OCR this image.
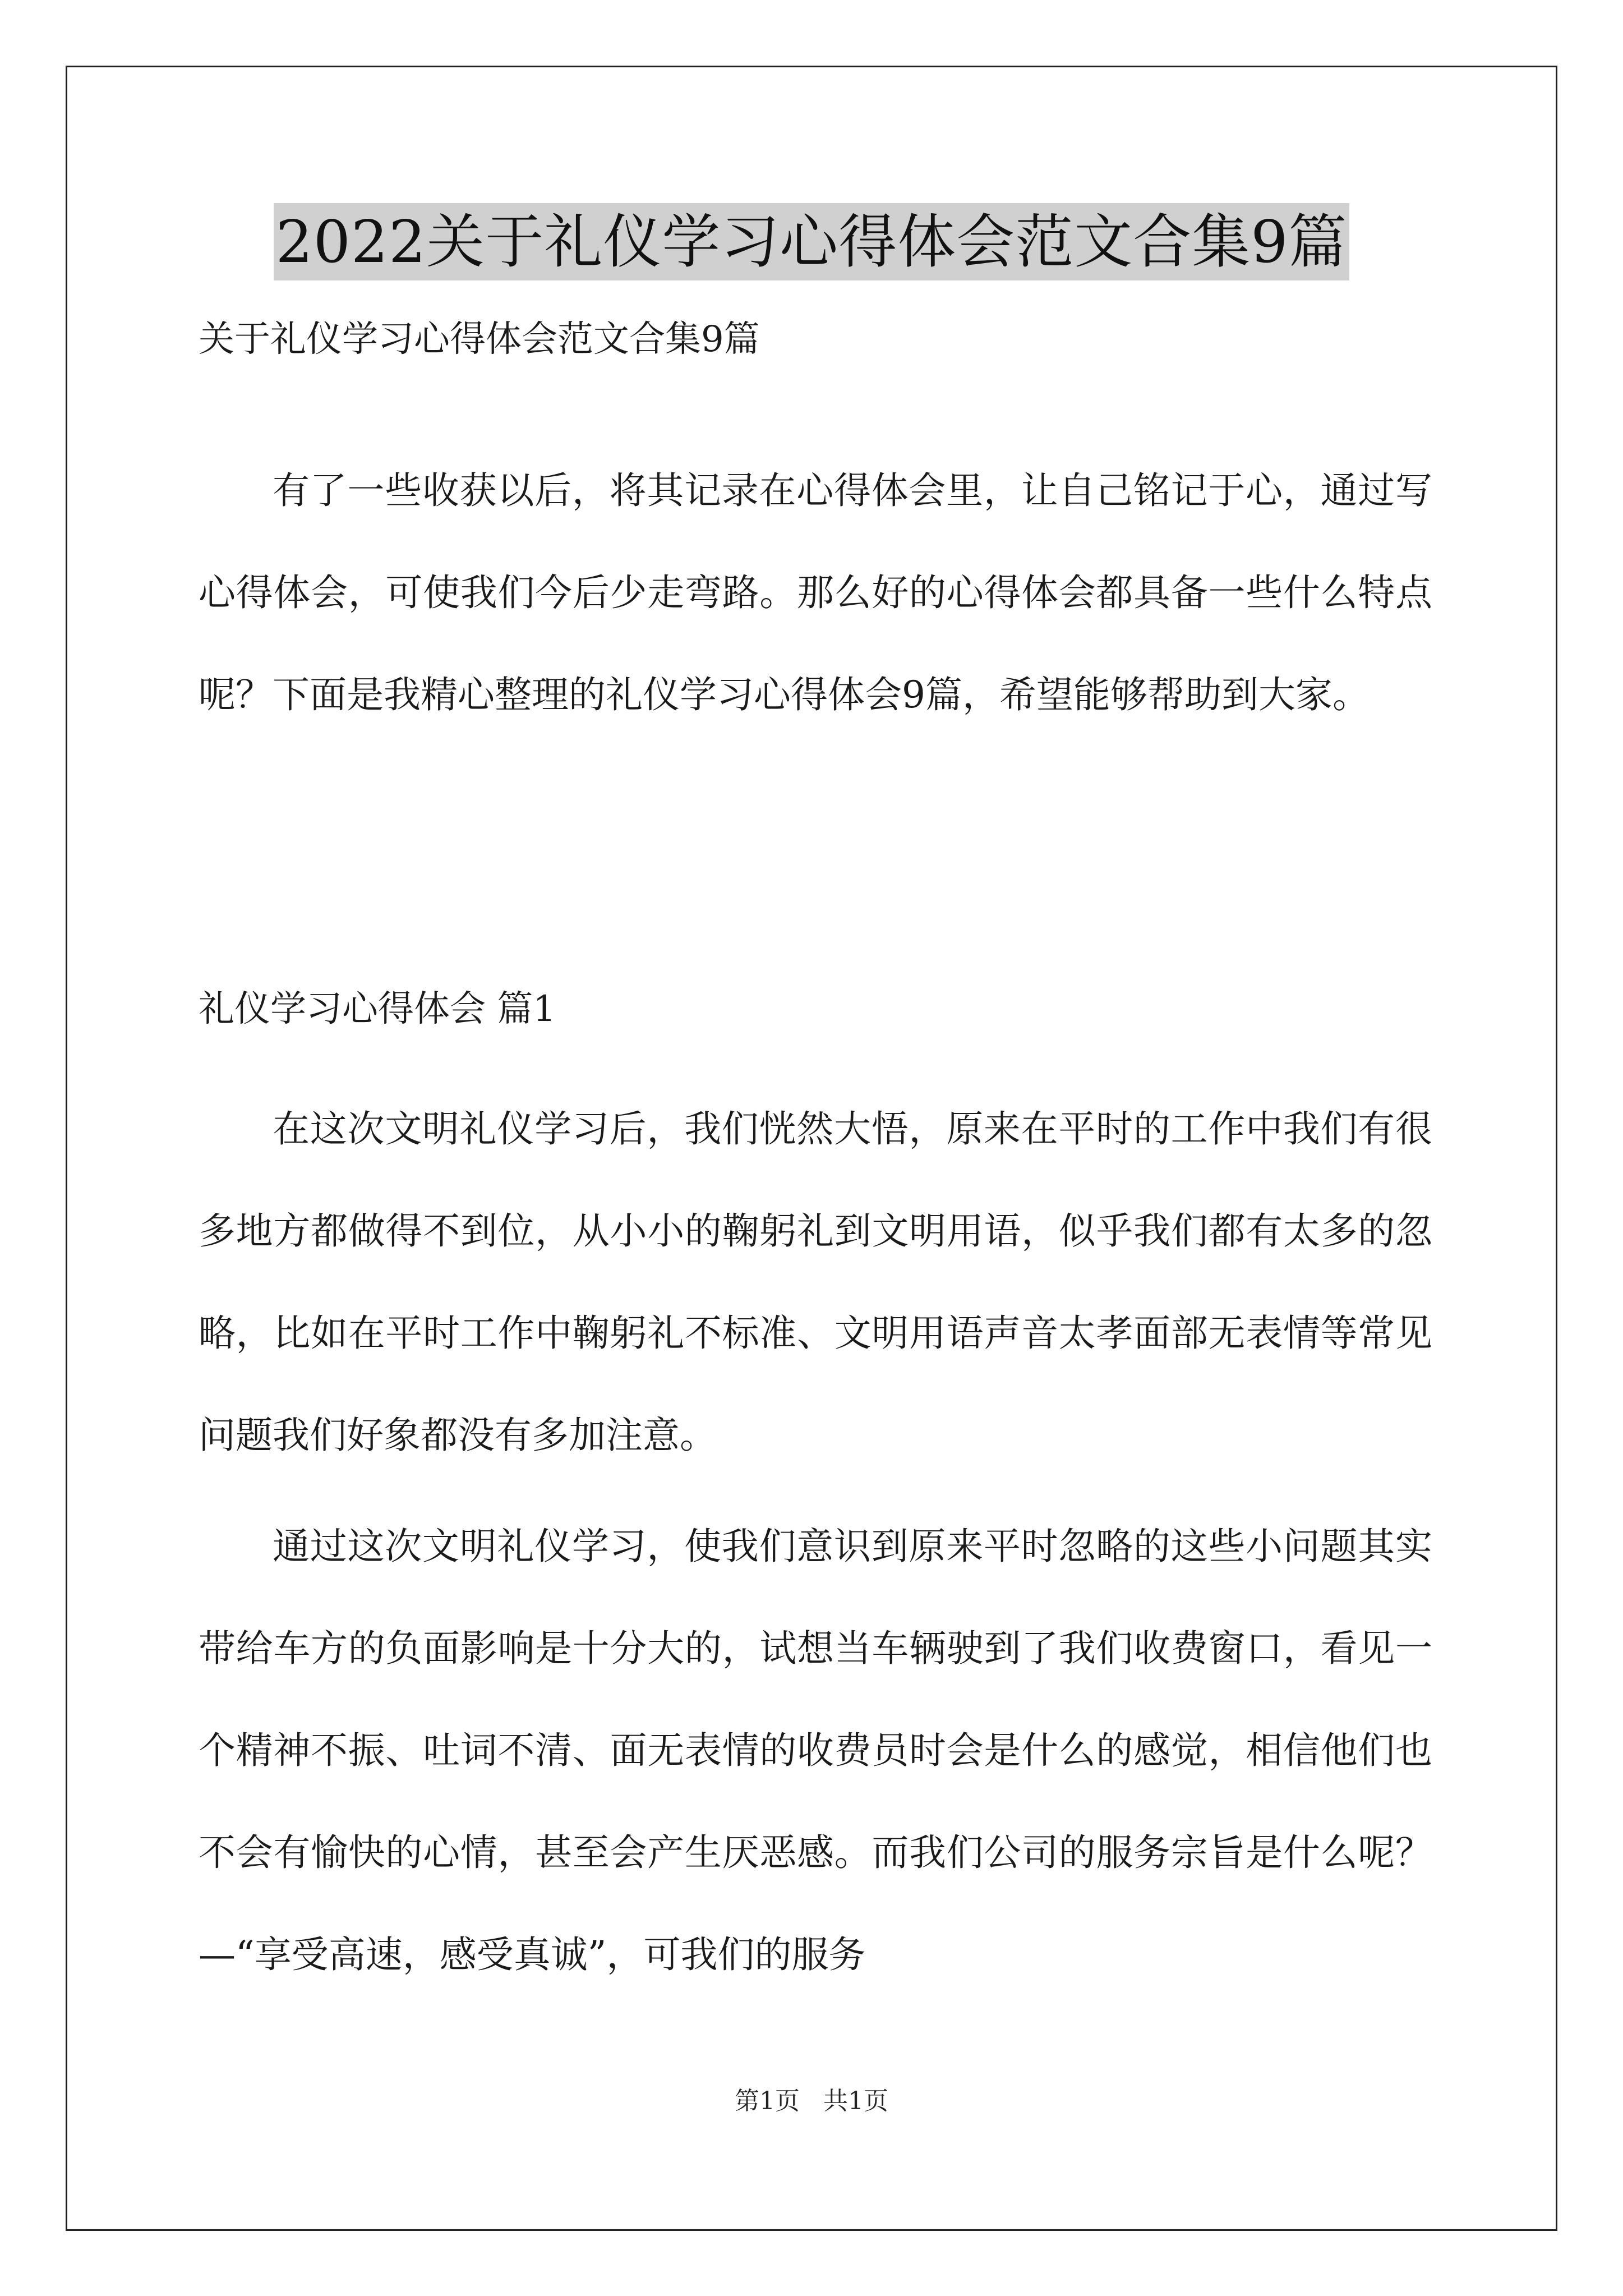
2022关于礼仪学习心得体会范文合集9篇
关于礼仪学习心得体会范文合集9篇

有了一些收获以后，将其记录在心得体会里，让自己铭记于心，通过写心得体会，可使我们今后少走弯路。那么好的心得体会都具备一些什么特点呢？下面是我精心整理的礼仪学习心得体会9篇，希望能够帮助到大家。

礼仪学习心得体会 篇1

在这次文明礼仪学习后，我们恍然大悟，原来在平时的工作中我们有很多地方都做得不到位，从小小的鞠躬礼到文明用语，似乎我们都有太多的忽略，比如在平时工作中鞠躬礼不标准、文明用语声音太孝面部无表情等常见问题我们好象都没有多加注意。

通过这次文明礼仪学习，使我们意识到原来平时忽略的这些小问题其实带给车方的负面影响是十分大的，试想当车辆驶到了我们收费窗口，看见一个精神不振、吐词不清、面无表情的收费员时会是什么的感觉，相信他们也不会有愉快的心情，甚至会产生厌恶感。而我们公司的服务宗旨是什么呢？—“享受高速，感受真诚”，可我们的服务

第1页 共1页
